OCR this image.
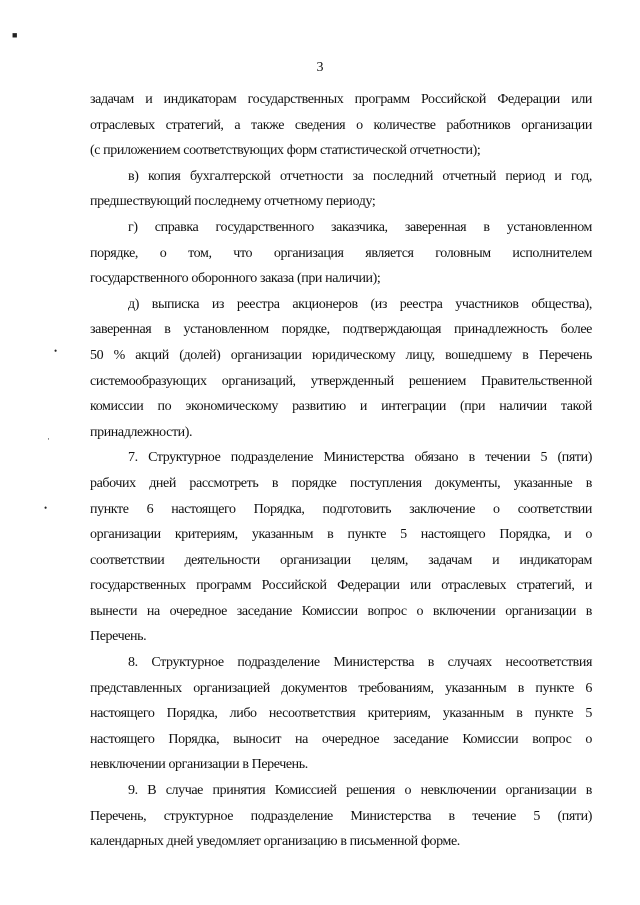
3
■
•
·
•
задачам и индикаторам государственных программ Российской Федерации или
отраслевых стратегий, а также сведения о количестве работников организации
(с приложением соответствующих форм статистической отчетности);
в) копия бухгалтерской отчетности за последний отчетный период и год,
предшествующий последнему отчетному периоду;
г) справка государственного заказчика, заверенная в установленном
порядке, о том, что организация является головным исполнителем
государственного оборонного заказа (при наличии);
д) выписка из реестра акционеров (из реестра участников общества),
заверенная в установленном порядке, подтверждающая принадлежность более
50 % акций (долей) организации юридическому лицу, вошедшему в Перечень
системообразующих организаций, утвержденный решением Правительственной
комиссии по экономическому развитию и интеграции (при наличии такой
принадлежности).
7. Структурное подразделение Министерства обязано в течении 5 (пяти)
рабочих дней рассмотреть в порядке поступления документы, указанные в
пункте 6 настоящего Порядка, подготовить заключение о соответствии
организации критериям, указанным в пункте 5 настоящего Порядка, и о
соответствии деятельности организации целям, задачам и индикаторам
государственных программ Российской Федерации или отраслевых стратегий, и
вынести на очередное заседание Комиссии вопрос о включении организации в
Перечень.
8. Структурное подразделение Министерства в случаях несоответствия
представленных организацией документов требованиям, указанным в пункте 6
настоящего Порядка, либо несоответствия критериям, указанным в пункте 5
настоящего Порядка, выносит на очередное заседание Комиссии вопрос о
невключении организации в Перечень.
9. В случае принятия Комиссией решения о невключении организации в
Перечень, структурное подразделение Министерства в течение 5 (пяти)
календарных дней уведомляет организацию в письменной форме.
